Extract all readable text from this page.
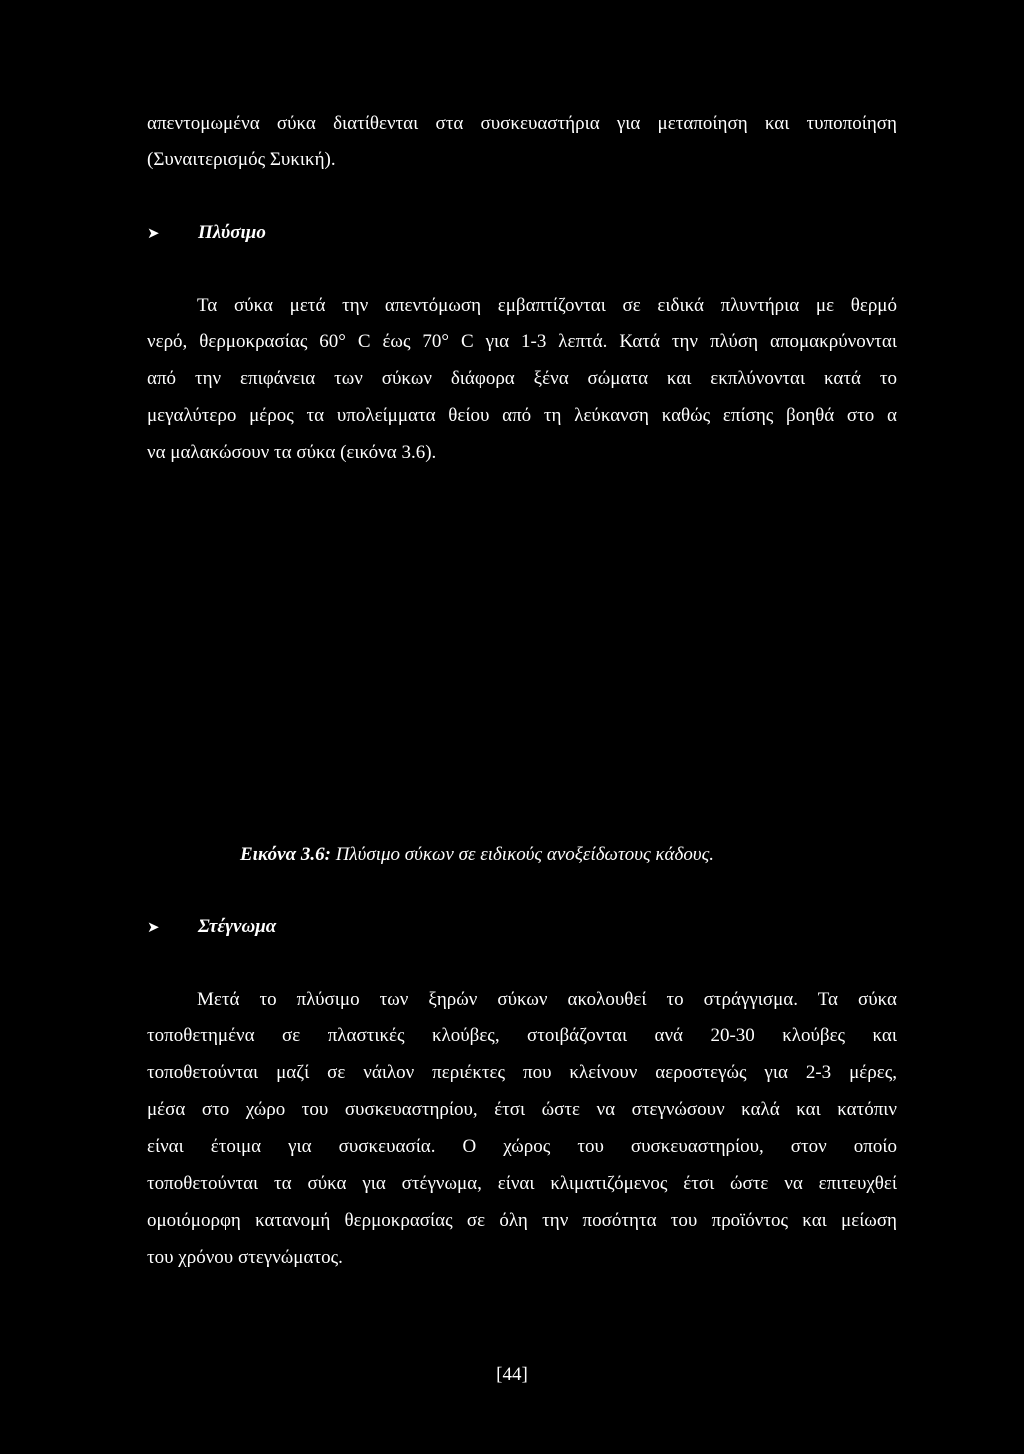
απεντομωμένα σύκα διατίθενται στα συσκευαστήρια για μεταποίηση και τυποποίηση
(Συναιτερισμός Συκική).
➤ Πλύσιμο
Τα σύκα μετά την απεντόμωση εμβαπτίζονται σε ειδικά πλυντήρια με θερμό
νερό, θερμοκρασίας 60° C έως 70° C για 1-3 λεπτά. Κατά την πλύση απομακρύνονται
από την επιφάνεια των σύκων διάφορα ξένα σώματα και εκπλύνονται κατά το
μεγαλύτερο μέρος τα υπολείμματα θείου από τη λεύκανση καθώς επίσης βοηθά στο α
να μαλακώσουν τα σύκα (εικόνα 3.6).
Εικόνα 3.6: Πλύσιμο σύκων σε ειδικούς ανοξείδωτους κάδους.
➤ Στέγνωμα
Μετά το πλύσιμο των ξηρών σύκων ακολουθεί το στράγγισμα. Τα σύκα
τοποθετημένα σε πλαστικές κλούβες, στοιβάζονται ανά 20-30 κλούβες και
τοποθετούνται μαζί σε νάιλον περιέκτες που κλείνουν αεροστεγώς για 2-3 μέρες,
μέσα στο χώρο του συσκευαστηρίου, έτσι ώστε να στεγνώσουν καλά και κατόπιν
είναι έτοιμα για συσκευασία. Ο χώρος του συσκευαστηρίου, στον οποίο
τοποθετούνται τα σύκα για στέγνωμα, είναι κλιματιζόμενος έτσι ώστε να επιτευχθεί
ομοιόμορφη κατανομή θερμοκρασίας σε όλη την ποσότητα του προϊόντος και μείωση
του χρόνου στεγνώματος.
[44]
